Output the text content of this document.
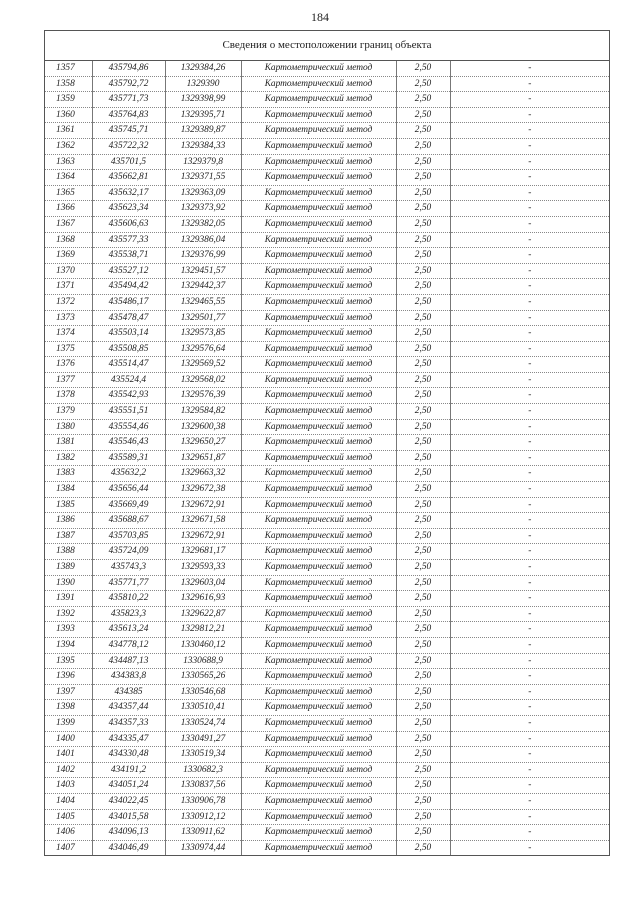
184
Сведения о местоположении границ объекта
1357	435794,86	1329384,26	Картометрический метод	2,50	-
1358	435792,72	1329390	Картометрический метод	2,50	-
1359	435771,73	1329398,99	Картометрический метод	2,50	-
1360	435764,83	1329395,71	Картометрический метод	2,50	-
1361	435745,71	1329389,87	Картометрический метод	2,50	-
1362	435722,32	1329384,33	Картометрический метод	2,50	-
1363	435701,5	1329379,8	Картометрический метод	2,50	-
1364	435662,81	1329371,55	Картометрический метод	2,50	-
1365	435632,17	1329363,09	Картометрический метод	2,50	-
1366	435623,34	1329373,92	Картометрический метод	2,50	-
1367	435606,63	1329382,05	Картометрический метод	2,50	-
1368	435577,33	1329386,04	Картометрический метод	2,50	-
1369	435538,71	1329376,99	Картометрический метод	2,50	-
1370	435527,12	1329451,57	Картометрический метод	2,50	-
1371	435494,42	1329442,37	Картометрический метод	2,50	-
1372	435486,17	1329465,55	Картометрический метод	2,50	-
1373	435478,47	1329501,77	Картометрический метод	2,50	-
1374	435503,14	1329573,85	Картометрический метод	2,50	-
1375	435508,85	1329576,64	Картометрический метод	2,50	-
1376	435514,47	1329569,52	Картометрический метод	2,50	-
1377	435524,4	1329568,02	Картометрический метод	2,50	-
1378	435542,93	1329576,39	Картометрический метод	2,50	-
1379	435551,51	1329584,82	Картометрический метод	2,50	-
1380	435554,46	1329600,38	Картометрический метод	2,50	-
1381	435546,43	1329650,27	Картометрический метод	2,50	-
1382	435589,31	1329651,87	Картометрический метод	2,50	-
1383	435632,2	1329663,32	Картометрический метод	2,50	-
1384	435656,44	1329672,38	Картометрический метод	2,50	-
1385	435669,49	1329672,91	Картометрический метод	2,50	-
1386	435688,67	1329671,58	Картометрический метод	2,50	-
1387	435703,85	1329672,91	Картометрический метод	2,50	-
1388	435724,09	1329681,17	Картометрический метод	2,50	-
1389	435743,3	1329593,33	Картометрический метод	2,50	-
1390	435771,77	1329603,04	Картометрический метод	2,50	-
1391	435810,22	1329616,93	Картометрический метод	2,50	-
1392	435823,3	1329622,87	Картометрический метод	2,50	-
1393	435613,24	1329812,21	Картометрический метод	2,50	-
1394	434778,12	1330460,12	Картометрический метод	2,50	-
1395	434487,13	1330688,9	Картометрический метод	2,50	-
1396	434383,8	1330565,26	Картометрический метод	2,50	-
1397	434385	1330546,68	Картометрический метод	2,50	-
1398	434357,44	1330510,41	Картометрический метод	2,50	-
1399	434357,33	1330524,74	Картометрический метод	2,50	-
1400	434335,47	1330491,27	Картометрический метод	2,50	-
1401	434330,48	1330519,34	Картометрический метод	2,50	-
1402	434191,2	1330682,3	Картометрический метод	2,50	-
1403	434051,24	1330837,56	Картометрический метод	2,50	-
1404	434022,45	1330906,78	Картометрический метод	2,50	-
1405	434015,58	1330912,12	Картометрический метод	2,50	-
1406	434096,13	1330911,62	Картометрический метод	2,50	-
1407	434046,49	1330974,44	Картометрический метод	2,50	-
